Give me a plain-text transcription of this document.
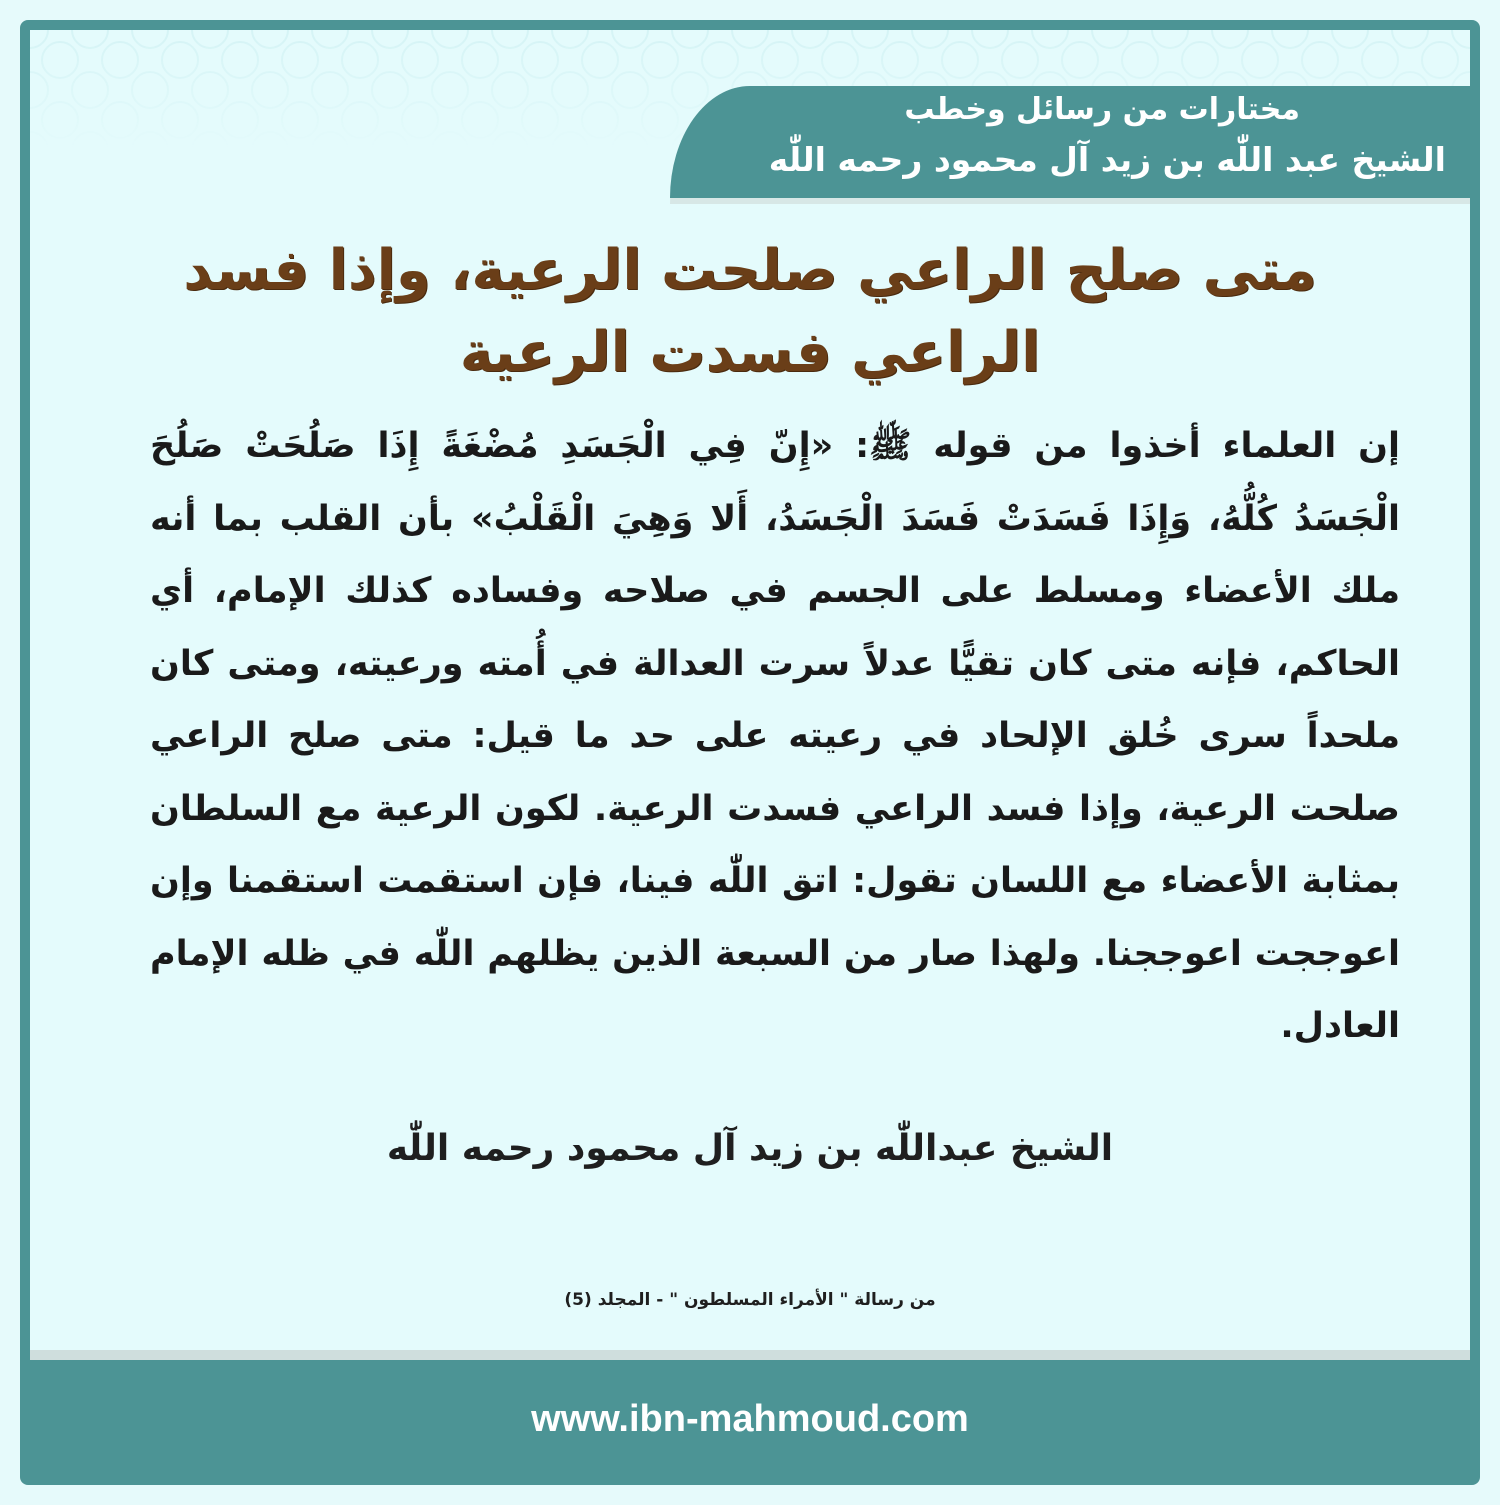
مختارات من رسائل وخطب
الشيخ عبد اللّٰه بن زيد آل محمود رحمه اللّٰه
متى صلح الراعي صلحت الرعية، وإذا فسد الراعي فسدت الرعية
إن العلماء أخذوا من قوله ﷺ: «إِنّ فِي الْجَسَدِ مُضْغَةً إِذَا صَلُحَتْ صَلُحَ الْجَسَدُ كُلُّهُ، وَإِذَا فَسَدَتْ فَسَدَ الْجَسَدُ، أَلا وَهِيَ الْقَلْبُ» بأن القلب بما أنه ملك الأعضاء ومسلط على الجسم في صلاحه وفساده كذلك الإمام، أي الحاكم، فإنه متى كان تقيًّا عدلاً سرت العدالة في أُمته ورعيته، ومتى كان ملحداً سرى خُلق الإلحاد في رعيته على حد ما قيل: متى صلح الراعي صلحت الرعية، وإذا فسد الراعي فسدت الرعية. لكون الرعية مع السلطان بمثابة الأعضاء مع اللسان تقول: اتق اللّٰه فينا، فإن استقمت استقمنا وإن اعوججت اعوججنا. ولهذا صار من السبعة الذين يظلهم اللّٰه في ظله الإمام العادل.
الشيخ عبداللّٰه بن زيد آل محمود رحمه اللّٰه
من رسالة " الأمراء المسلطون " - المجلد (5)
www.ibn-mahmoud.com
